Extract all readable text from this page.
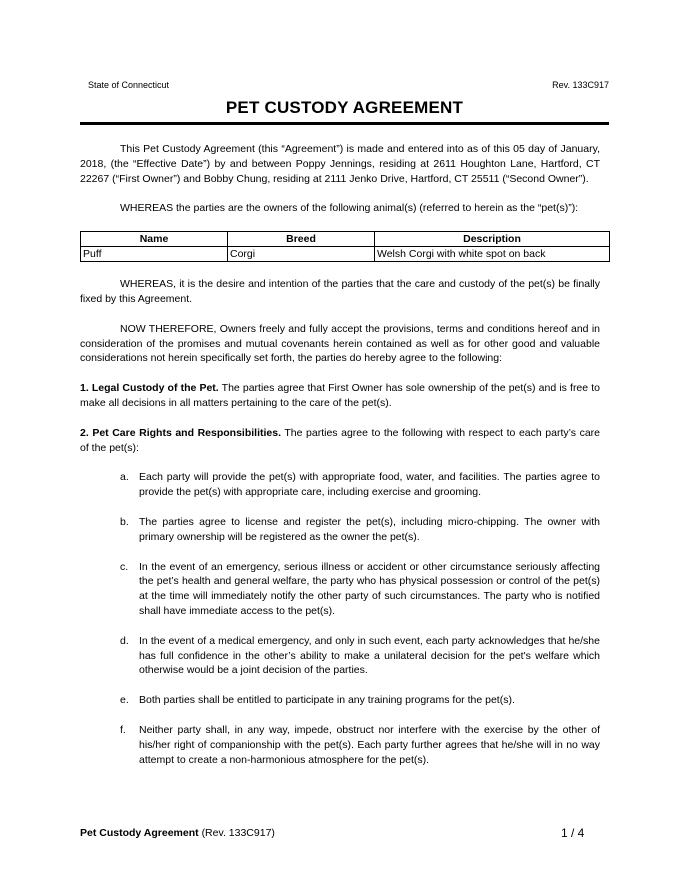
State of Connecticut	Rev. 133C917
PET CUSTODY AGREEMENT

This Pet Custody Agreement (this “Agreement”) is made and entered into as of this 05 day of January, 2018, (the “Effective Date”) by and between Poppy Jennings, residing at 2611 Houghton Lane, Hartford, CT 22267 (“First Owner”) and Bobby Chung, residing at 2111 Jenko Drive, Hartford, CT 25511 (“Second Owner”).

WHEREAS the parties are the owners of the following animal(s) (referred to herein as the “pet(s)”):

Name	Breed	Description
Puff	Corgi	Welsh Corgi with white spot on back

WHEREAS, it is the desire and intention of the parties that the care and custody of the pet(s) be finally fixed by this Agreement.

NOW THEREFORE, Owners freely and fully accept the provisions, terms and conditions hereof and in consideration of the promises and mutual covenants herein contained as well as for other good and valuable considerations not herein specifically set forth, the parties do hereby agree to the following:

1. Legal Custody of the Pet. The parties agree that First Owner has sole ownership of the pet(s) and is free to make all decisions in all matters pertaining to the care of the pet(s).

2. Pet Care Rights and Responsibilities. The parties agree to the following with respect to each party’s care of the pet(s):

a. Each party will provide the pet(s) with appropriate food, water, and facilities. The parties agree to provide the pet(s) with appropriate care, including exercise and grooming.
b. The parties agree to license and register the pet(s), including micro-chipping. The owner with primary ownership will be registered as the owner the pet(s).
c. In the event of an emergency, serious illness or accident or other circumstance seriously affecting the pet’s health and general welfare, the party who has physical possession or control of the pet(s) at the time will immediately notify the other party of such circumstances. The party who is notified shall have immediate access to the pet(s).
d. In the event of a medical emergency, and only in such event, each party acknowledges that he/she has full confidence in the other’s ability to make a unilateral decision for the pet's welfare which otherwise would be a joint decision of the parties.
e. Both parties shall be entitled to participate in any training programs for the pet(s).
f. Neither party shall, in any way, impede, obstruct nor interfere with the exercise by the other of his/her right of companionship with the pet(s). Each party further agrees that he/she will in no way attempt to create a non-harmonious atmosphere for the pet(s).
Pet Custody Agreement (Rev. 133C917)	1 / 4
